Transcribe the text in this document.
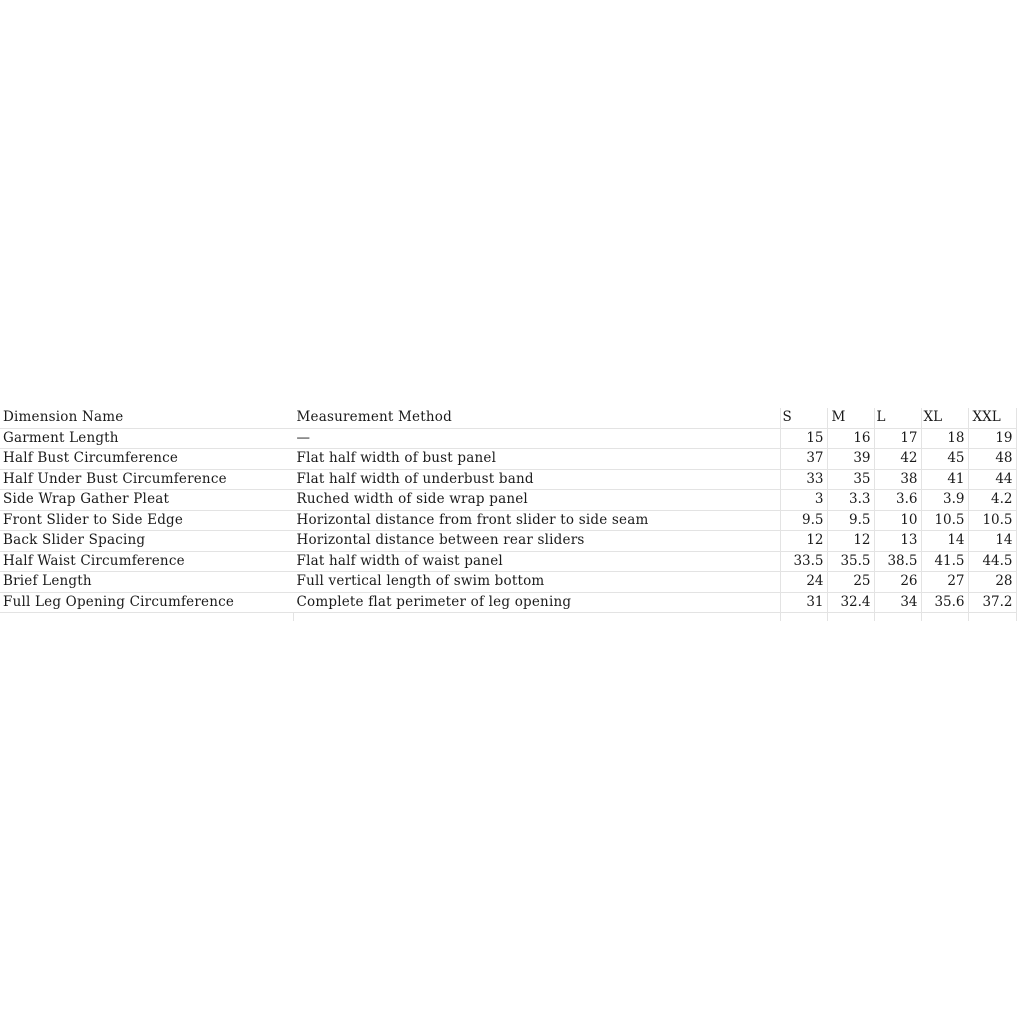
Dimension Name	Measurement Method	S	M	L	XL	XXL
Garment Length	—	15	16	17	18	19
Half Bust Circumference	Flat half width of bust panel	37	39	42	45	48
Half Under Bust Circumference	Flat half width of underbust band	33	35	38	41	44
Side Wrap Gather Pleat	Ruched width of side wrap panel	3	3.3	3.6	3.9	4.2
Front Slider to Side Edge	Horizontal distance from front slider to side seam	9.5	9.5	10	10.5	10.5
Back Slider Spacing	Horizontal distance between rear sliders	12	12	13	14	14
Half Waist Circumference	Flat half width of waist panel	33.5	35.5	38.5	41.5	44.5
Brief Length	Full vertical length of swim bottom	24	25	26	27	28
Full Leg Opening Circumference	Complete flat perimeter of leg opening	31	32.4	34	35.6	37.2
